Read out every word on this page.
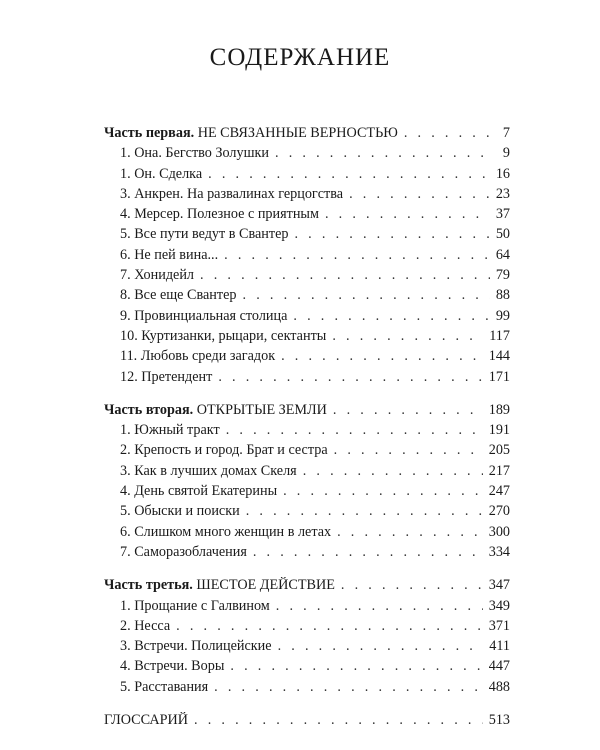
СОДЕРЖАНИЕ
Часть первая. НЕ СВЯЗАННЫЕ ВЕРНОСТЬЮ . . .	7
1. Она. Бегство Золушки . . .	9
1. Он. Сделка . . .	16
3. Анкрен. На развалинах герцогства . . .	23
4. Мерсер. Полезное с приятным . . .	37
5. Все пути ведут в Свантер . . .	50
6. Не пей вина... . . .	64
7. Хонидейл . . .	79
8. Все еще Свантер . . .	88
9. Провинциальная столица . . .	99
10. Куртизанки, рыцари, сектанты . . .	117
11. Любовь среди загадок . . .	144
12. Претендент . . .	171
Часть вторая. ОТКРЫТЫЕ ЗЕМЛИ . . .	189
1. Южный тракт . . .	191
2. Крепость и город. Брат и сестра . . .	205
3. Как в лучших домах Скеля . . .	217
4. День святой Екатерины . . .	247
5. Обыски и поиски . . .	270
6. Слишком много женщин в летах . . .	300
7. Саморазоблачения . . .	334
Часть третья. ШЕСТОЕ ДЕЙСТВИЕ . . .	347
1. Прощание с Галвином . . .	349
2. Несса . . .	371
3. Встречи. Полицейские . . .	411
4. Встречи. Воры . . .	447
5. Расставания . . .	488
ГЛОССАРИЙ . . .	513
